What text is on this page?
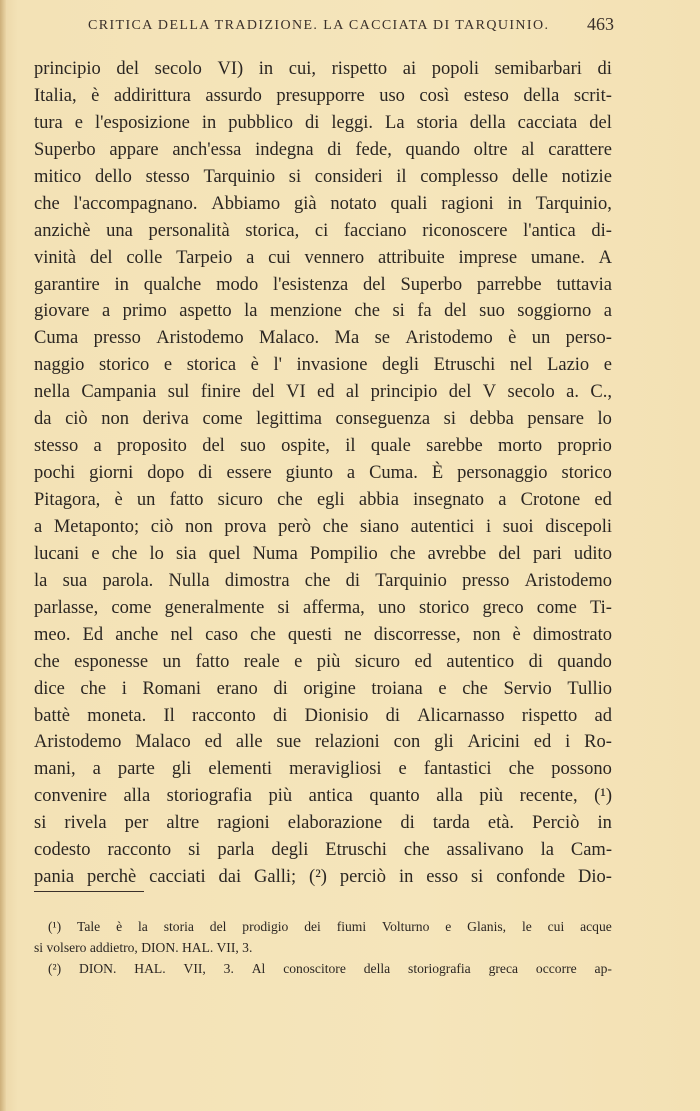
CRITICA DELLA TRADIZIONE. LA CACCIATA DI TARQUINIO.	463
principio del secolo VI) in cui, rispetto ai popoli semibarbari di
Italia, è addirittura assurdo presupporre uso così esteso della scrit-
tura e l'esposizione in pubblico di leggi. La storia della cacciata del
Superbo appare anch'essa indegna di fede, quando oltre al carattere
mitico dello stesso Tarquinio si consideri il complesso delle notizie
che l'accompagnano. Abbiamo già notato quali ragioni in Tarquinio,
anzichè una personalità storica, ci facciano riconoscere l'antica di-
vinità del colle Tarpeio a cui vennero attribuite imprese umane. A
garantire in qualche modo l'esistenza del Superbo parrebbe tuttavia
giovare a primo aspetto la menzione che si fa del suo soggiorno a
Cuma presso Aristodemo Malaco. Ma se Aristodemo è un perso-
naggio storico e storica è l' invasione degli Etruschi nel Lazio e
nella Campania sul finire del VI ed al principio del V secolo a. C.,
da ciò non deriva come legittima conseguenza si debba pensare lo
stesso a proposito del suo ospite, il quale sarebbe morto proprio
pochi giorni dopo di essere giunto a Cuma. È personaggio storico
Pitagora, è un fatto sicuro che egli abbia insegnato a Crotone ed
a Metaponto; ciò non prova però che siano autentici i suoi discepoli
lucani e che lo sia quel Numa Pompilio che avrebbe del pari udito
la sua parola. Nulla dimostra che di Tarquinio presso Aristodemo
parlasse, come generalmente si afferma, uno storico greco come Ti-
meo. Ed anche nel caso che questi ne discorresse, non è dimostrato
che esponesse un fatto reale e più sicuro ed autentico di quando
dice che i Romani erano di origine troiana e che Servio Tullio
battè moneta. Il racconto di Dionisio di Alicarnasso rispetto ad
Aristodemo Malaco ed alle sue relazioni con gli Aricini ed i Ro-
mani, a parte gli elementi meravigliosi e fantastici che possono
convenire alla storiografia più antica quanto alla più recente, (¹)
si rivela per altre ragioni elaborazione di tarda età. Perciò in
codesto racconto si parla degli Etruschi che assalivano la Cam-
pania perchè cacciati dai Galli; (²) perciò in esso si confonde Dio-
(¹) Tale è la storia del prodigio dei fiumi Volturno e Glanis, le cui acque
si volsero addietro, DION. HAL. VII, 3.
(²) DION. HAL. VII, 3. Al conoscitore della storiografia greca occorre ap-
